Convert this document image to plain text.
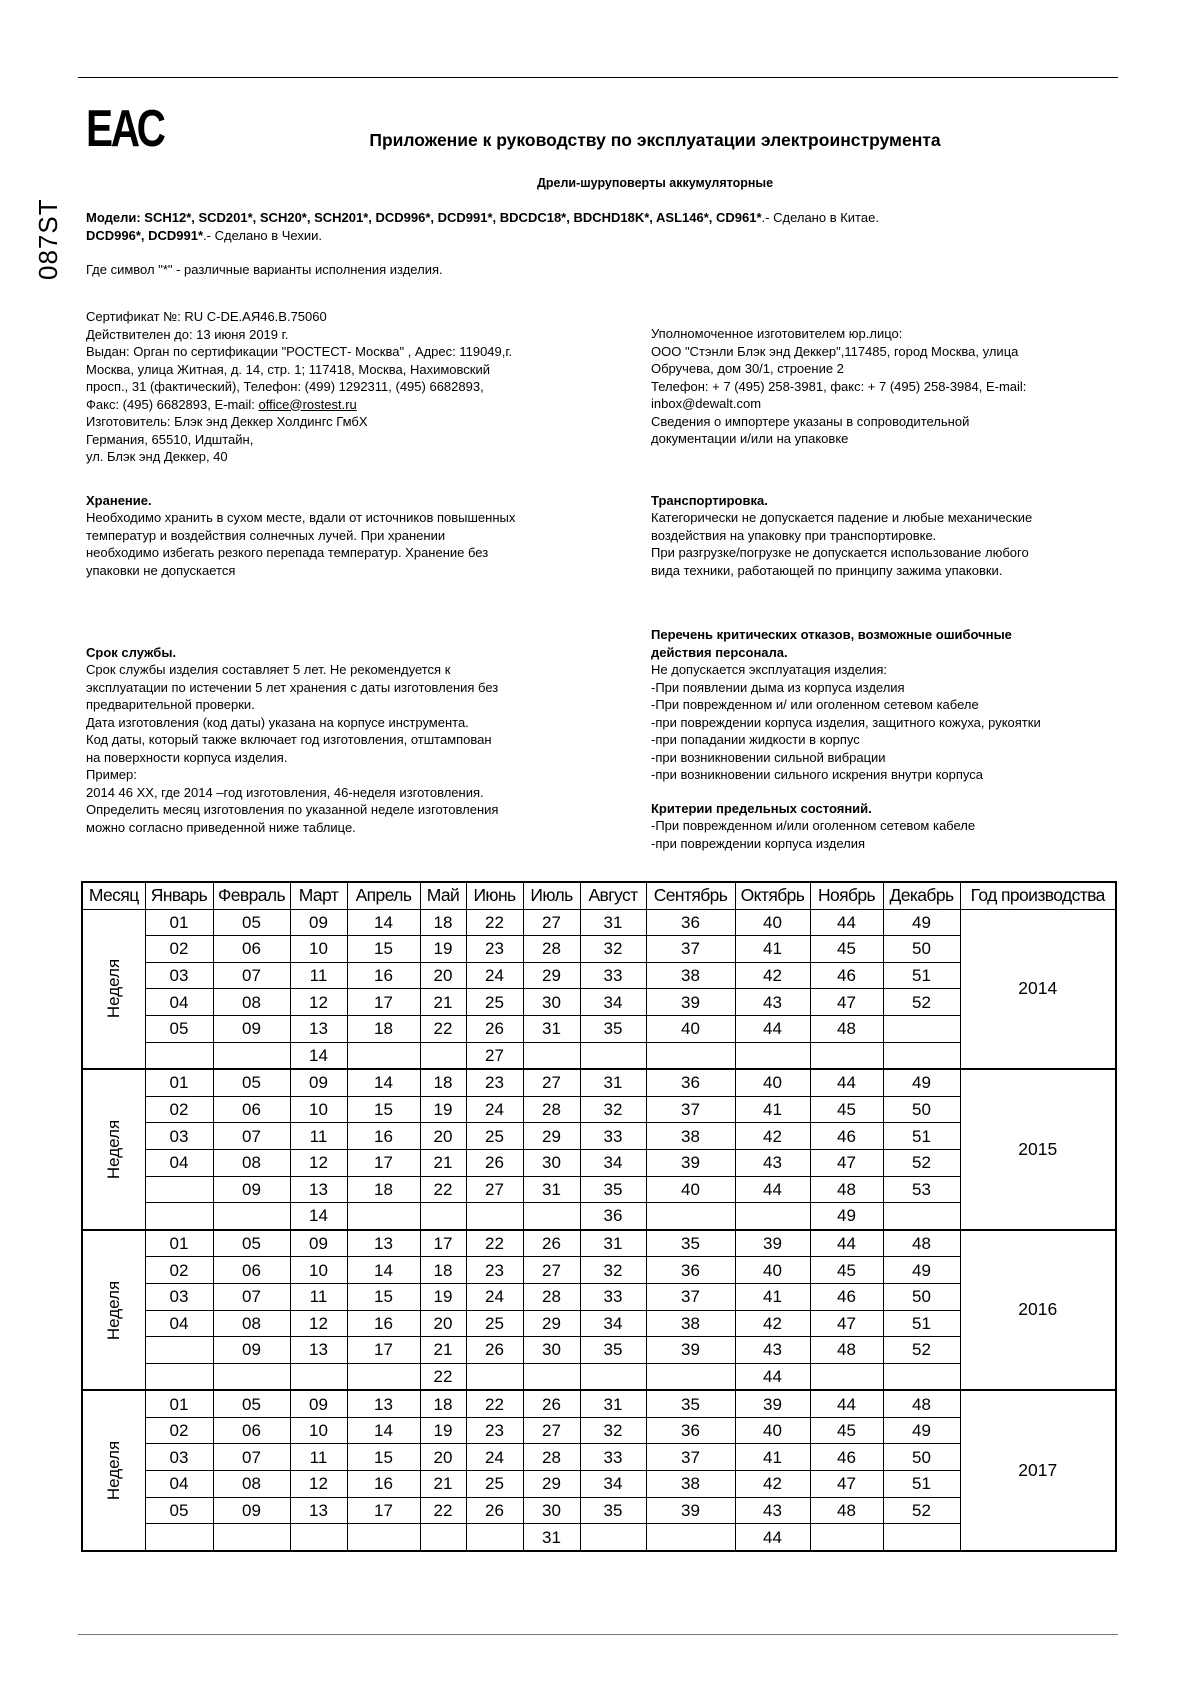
ЕАС
087ST
Приложение к руководству по эксплуатации электроинструмента
Дрели-шуруповерты аккумуляторные
Модели: SCH12*, SCD201*, SCH20*, SCH201*, DCD996*, DCD991*, BDCDC18*, BDCHD18K*, ASL146*, CD961*.- Сделано в Китае.
DCD996*, DCD991*.- Сделано в Чехии.
Где символ "*" - различные варианты исполнения изделия.
Сертификат №: RU C-DE.AЯ46.B.75060
Действителен до: 13 июня 2019 г.
Выдан: Орган по сертификации "РОСТЕСТ- Москва" , Адрес: 119049,г.
Москва, улица Житная, д. 14, стр. 1; 117418, Москва, Нахимовский
просп., 31 (фактический), Телефон: (499) 1292311, (495) 6682893,
Факс: (495) 6682893, E-mail: office@rostest.ru
Изготовитель: Блэк энд Деккер Холдингс ГмбХ
Германия, 65510, Идштайн,
ул. Блэк энд Деккер, 40
Уполномоченное изготовителем юр.лицо:
ООО "Стэнли Блэк энд Деккер",117485, город Москва, улица
Обручева, дом 30/1, строение 2
Телефон: + 7 (495) 258-3981, факс: + 7 (495) 258-3984, E-mail:
inbox@dewalt.com
Сведения о импортере указаны в сопроводительной
документации и/или на упаковке
Хранение.
Необходимо хранить в сухом месте, вдали от источников повышенных
температур и воздействия солнечных лучей. При хранении
необходимо избегать резкого перепада температур. Хранение без
упаковки не допускается
Транспортировка.
Категорически не допускается падение и любые механические
воздействия на упаковку при транспортировке.
При разгрузке/погрузке не допускается использование любого
вида техники, работающей по принципу зажима упаковки.
Срок службы.
Срок службы изделия составляет 5 лет. Не рекомендуется к
эксплуатации по истечении 5 лет хранения с даты изготовления без
предварительной проверки.
Дата изготовления (код даты) указана на корпусе инструмента.
Код даты, который также включает год изготовления, отштампован
на поверхности корпуса изделия.
Пример:
2014 46 XX, где 2014 –год изготовления, 46-неделя изготовления.
Определить месяц изготовления по указанной неделе изготовления
можно согласно приведенной ниже таблице.
Перечень критических отказов, возможные ошибочные
действия персонала.
Не допускается эксплуатация изделия:
-При появлении дыма из корпуса изделия
-При поврежденном и/ или оголенном сетевом кабеле
-при повреждении корпуса изделия, защитного кожуха, рукоятки
-при попадании жидкости в корпус
-при возникновении сильной вибрации
-при возникновении сильного искрения внутри корпуса
Критерии предельных состояний.
-При поврежденном и/или оголенном сетевом кабеле
-при повреждении корпуса изделия
Месяц	Январь	Февраль	Март	Апрель	Май	Июнь	Июль	Август	Сентябрь	Октябрь	Ноябрь	Декабрь	Год производства
Неделя	01	05	09	14	18	22	27	31	36	40	44	49	2014
	02	06	10	15	19	23	28	32	37	41	45	50	
	03	07	11	16	20	24	29	33	38	42	46	51	
	04	08	12	17	21	25	30	34	39	43	47	52	
	05	09	13	18	22	26	31	35	40	44	48		
			14			27							
Неделя	01	05	09	14	18	23	27	31	36	40	44	49	2015
	02	06	10	15	19	24	28	32	37	41	45	50	
	03	07	11	16	20	25	29	33	38	42	46	51	
	04	08	12	17	21	26	30	34	39	43	47	52	
		09	13	18	22	27	31	35	40	44	48	53	
			14					36			49		
Неделя	01	05	09	13	17	22	26	31	35	39	44	48	2016
	02	06	10	14	18	23	27	32	36	40	45	49	
	03	07	11	15	19	24	28	33	37	41	46	50	
	04	08	12	16	20	25	29	34	38	42	47	51	
		09	13	17	21	26	30	35	39	43	48	52	
					22					44			
Неделя	01	05	09	13	18	22	26	31	35	39	44	48	2017
	02	06	10	14	19	23	27	32	36	40	45	49	
	03	07	11	15	20	24	28	33	37	41	46	50	
	04	08	12	16	21	25	29	34	38	42	47	51	
	05	09	13	17	22	26	30	35	39	43	48	52	
							31			44			
